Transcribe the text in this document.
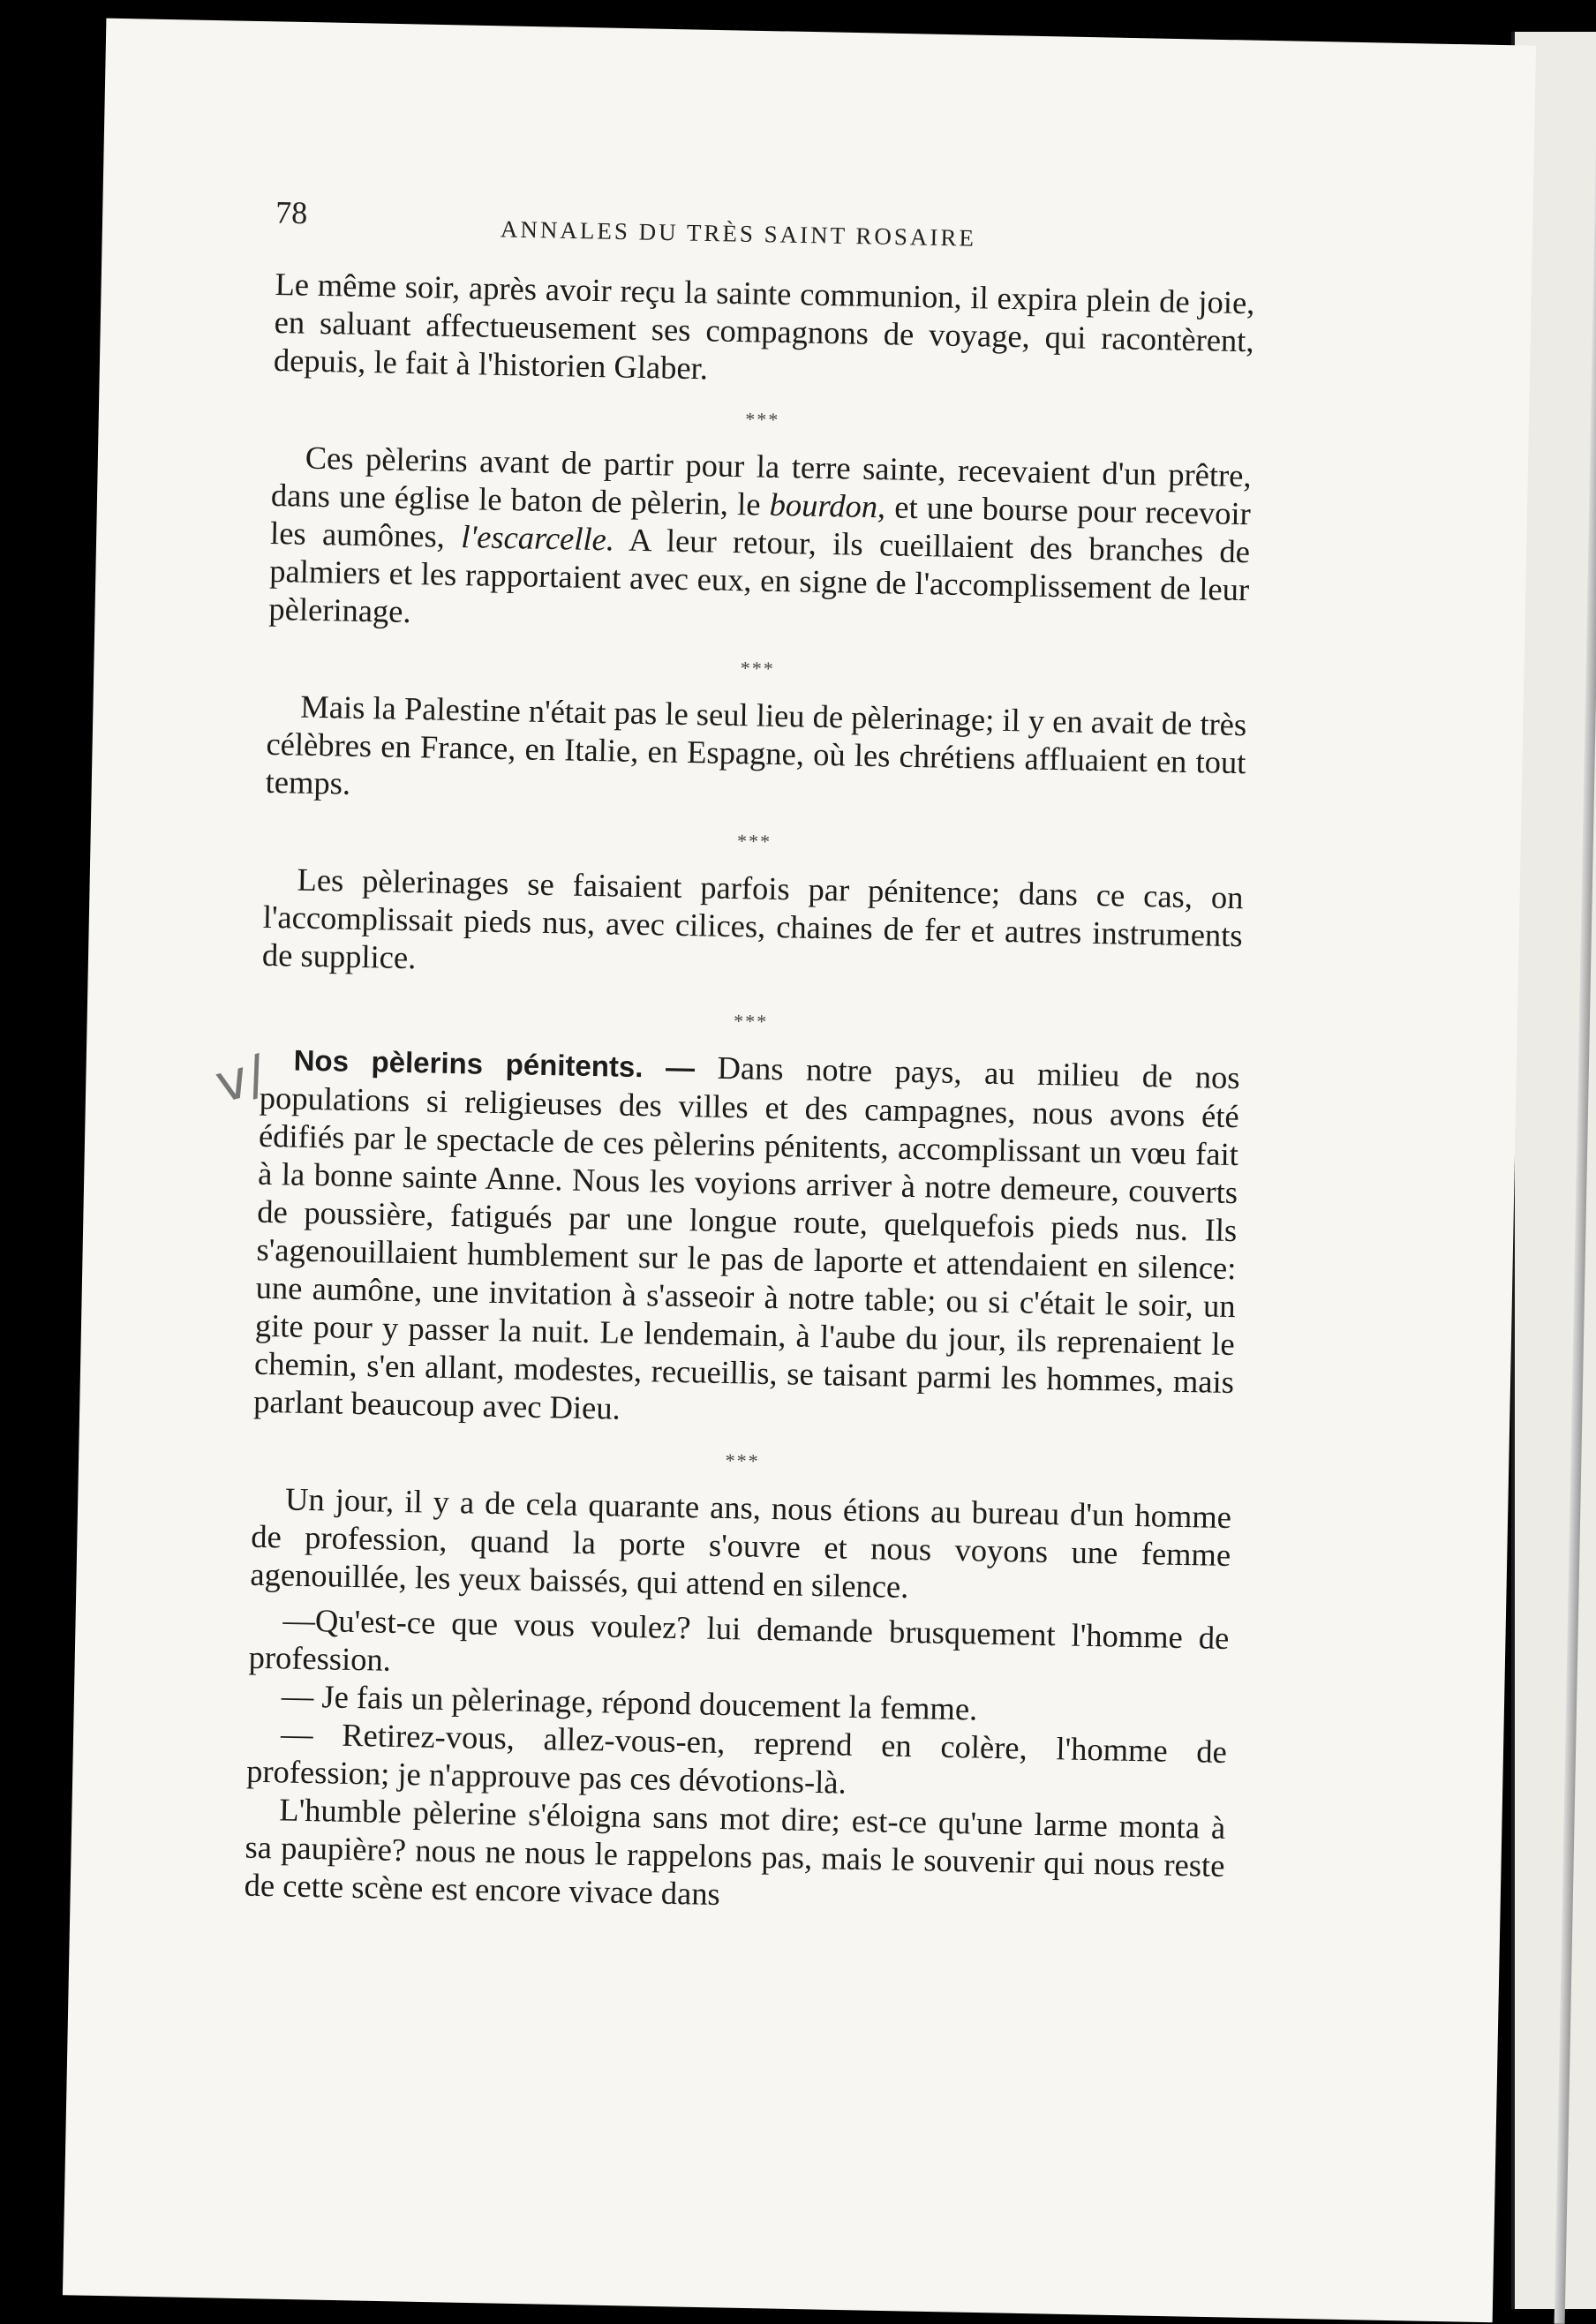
v/
78
ANNALES DU TRÈS SAINT ROSAIRE

Le même soir, après avoir reçu la sainte communion, il expira plein de joie, en saluant affectueusement ses compagnons de voyage, qui racontèrent, depuis, le fait à l'historien Glaber.

***

Ces pèlerins avant de partir pour la terre sainte, recevaient d'un prêtre, dans une église le baton de pèlerin, le bourdon, et une bourse pour recevoir les aumônes, l'escarcelle. A leur retour, ils cueillaient des branches de palmiers et les rapportaient avec eux, en signe de l'accomplissement de leur pèlerinage.

***

Mais la Palestine n'était pas le seul lieu de pèlerinage; il y en avait de très célèbres en France, en Italie, en Espagne, où les chrétiens affluaient en tout temps.

***

Les pèlerinages se faisaient parfois par pénitence; dans ce cas, on l'accomplissait pieds nus, avec cilices, chaines de fer et autres instruments de supplice.

***

Nos pèlerins pénitents. — Dans notre pays, au milieu de nos populations si religieuses des villes et des campagnes, nous avons été édifiés par le spectacle de ces pèlerins pénitents, accomplissant un vœu fait à la bonne sainte Anne. Nous les voyions arriver à notre demeure, couverts de poussière, fatigués par une longue route, quelquefois pieds nus. Ils s'agenouillaient humblement sur le pas de laporte et attendaient en silence: une aumône, une invitation à s'asseoir à notre table; ou si c'était le soir, un gite pour y passer la nuit. Le lendemain, à l'aube du jour, ils reprenaient le chemin, s'en allant, modestes, recueillis, se taisant parmi les hommes, mais parlant beaucoup avec Dieu.

***

Un jour, il y a de cela quarante ans, nous étions au bureau d'un homme de profession, quand la porte s'ouvre et nous voyons une femme agenouillée, les yeux baissés, qui attend en silence.

—Qu'est-ce que vous voulez? lui demande brusquement l'homme de profession.

— Je fais un pèlerinage, répond doucement la femme.

— Retirez-vous, allez-vous-en, reprend en colère, l'homme de profession; je n'approuve pas ces dévotions-là.

L'humble pèlerine s'éloigna sans mot dire; est-ce qu'une larme monta à sa paupière? nous ne nous le rappelons pas, mais le souvenir qui nous reste de cette scène est encore vivace dans
